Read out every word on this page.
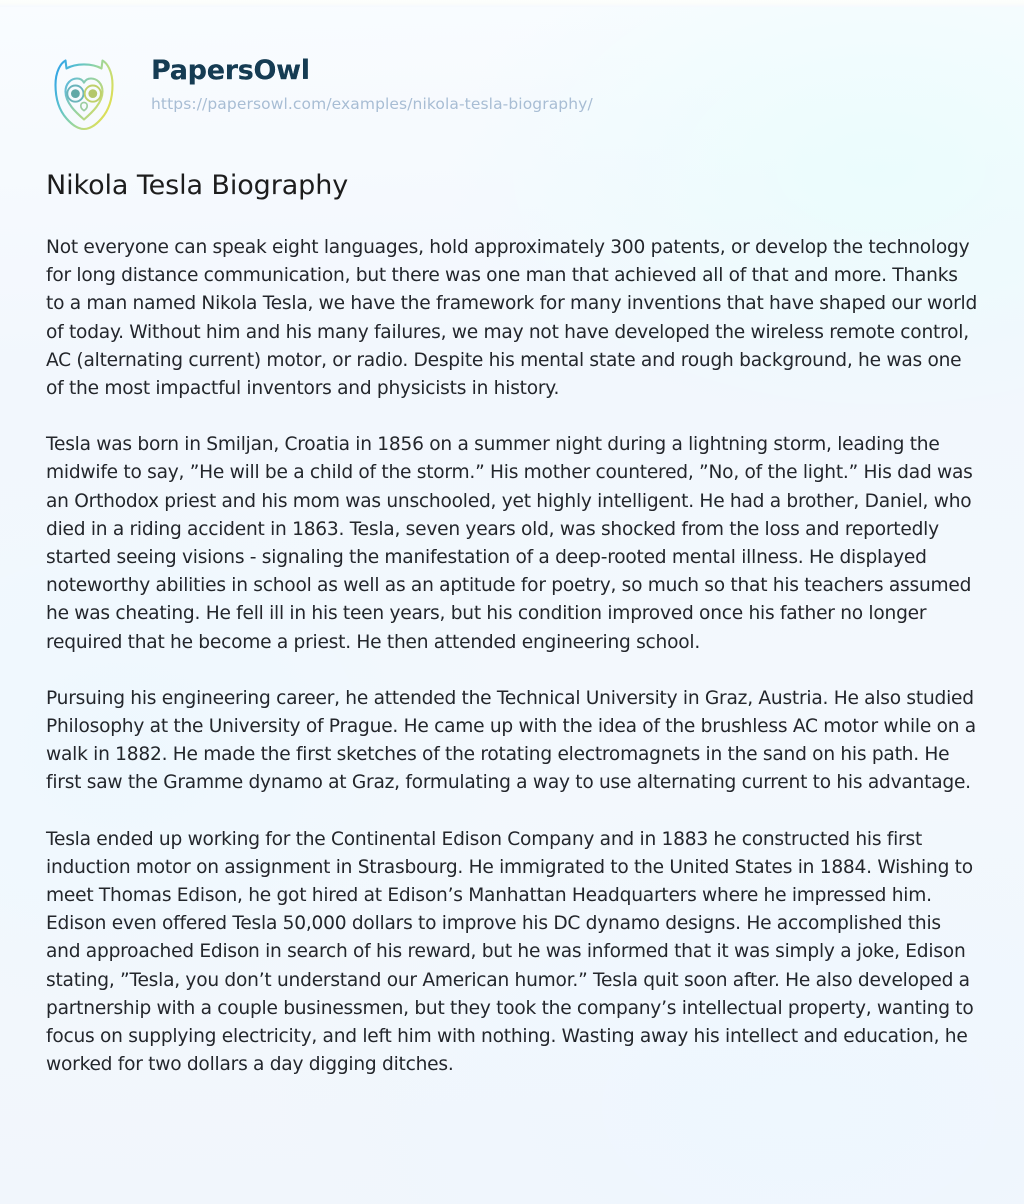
PapersOwl
https://papersowl.com/examples/nikola-tesla-biography/
Nikola Tesla Biography

Not everyone can speak eight languages, hold approximately 300 patents, or develop the technology for long distance communication, but there was one man that achieved all of that and more. Thanks to a man named Nikola Tesla, we have the framework for many inventions that have shaped our world of today. Without him and his many failures, we may not have developed the wireless remote control, AC (alternating current) motor, or radio. Despite his mental state and rough background, he was one of the most impactful inventors and physicists in history.

Tesla was born in Smiljan, Croatia in 1856 on a summer night during a lightning storm, leading the midwife to say, ”He will be a child of the storm.” His mother countered, ”No, of the light.” His dad was an Orthodox priest and his mom was unschooled, yet highly intelligent. He had a brother, Daniel, who died in a riding accident in 1863. Tesla, seven years old, was shocked from the loss and reportedly started seeing visions - signaling the manifestation of a deep-rooted mental illness. He displayed noteworthy abilities in school as well as an aptitude for poetry, so much so that his teachers assumed he was cheating. He fell ill in his teen years, but his condition improved once his father no longer required that he become a priest. He then attended engineering school.

Pursuing his engineering career, he attended the Technical University in Graz, Austria. He also studied Philosophy at the University of Prague. He came up with the idea of the brushless AC motor while on a walk in 1882. He made the first sketches of the rotating electromagnets in the sand on his path. He first saw the Gramme dynamo at Graz, formulating a way to use alternating current to his advantage.

Tesla ended up working for the Continental Edison Company and in 1883 he constructed his first induction motor on assignment in Strasbourg. He immigrated to the United States in 1884. Wishing to meet Thomas Edison, he got hired at Edison’s Manhattan Headquarters where he impressed him. Edison even offered Tesla 50,000 dollars to improve his DC dynamo designs. He accomplished this and approached Edison in search of his reward, but he was informed that it was simply a joke, Edison stating, ”Tesla, you don’t understand our American humor.” Tesla quit soon after. He also developed a partnership with a couple businessmen, but they took the company’s intellectual property, wanting to focus on supplying electricity, and left him with nothing. Wasting away his intellect and education, he worked for two dollars a day digging ditches.
